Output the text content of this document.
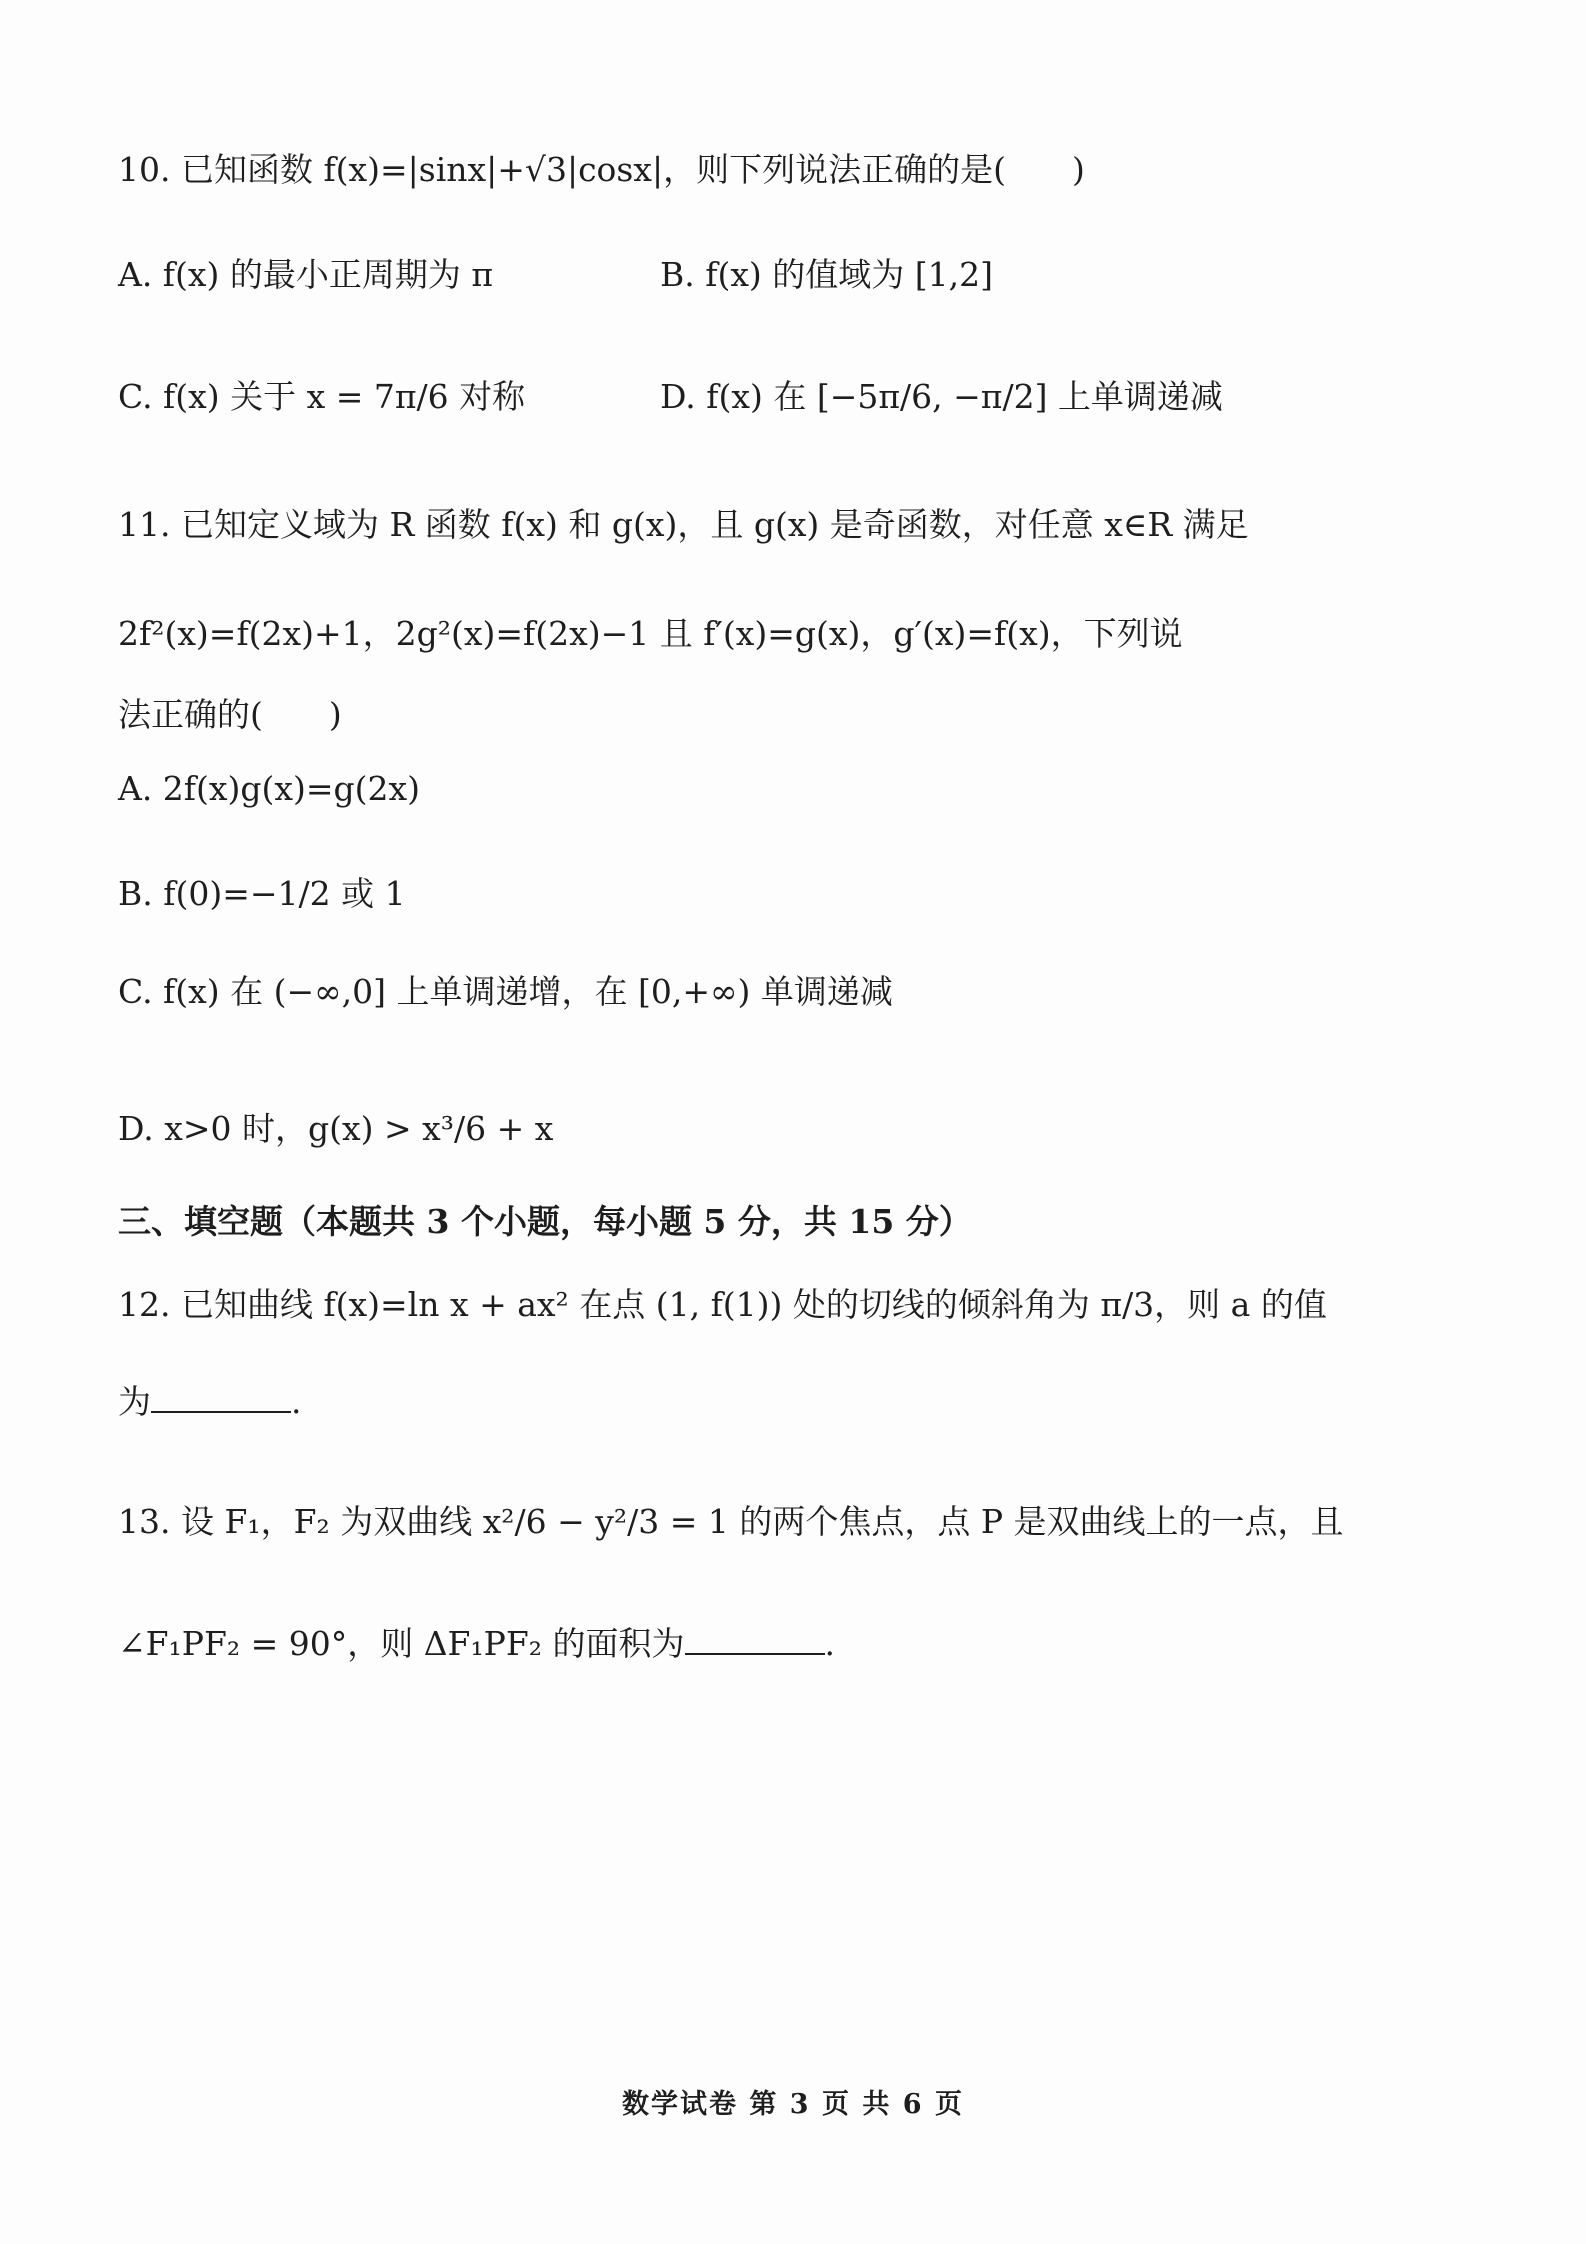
10. 已知函数 f(x)=|sinx|+√3|cosx|，则下列说法正确的是(　　)
A. f(x) 的最小正周期为 π	B. f(x) 的值域为 [1,2]
C. f(x) 关于 x = 7π/6 对称	D. f(x) 在 [−5π/6, −π/2] 上单调递减
11. 已知定义域为 R 函数 f(x) 和 g(x)，且 g(x) 是奇函数，对任意 x∈R 满足
2f²(x)=f(2x)+1，2g²(x)=f(2x)−1 且 f′(x)=g(x)，g′(x)=f(x)，下列说
法正确的(　　)
A. 2f(x)g(x)=g(2x)
B. f(0)=−1/2 或 1
C. f(x) 在 (−∞,0] 上单调递增，在 [0,+∞) 单调递减
D. x>0 时，g(x) > x³/6 + x
三、填空题（本题共 3 个小题，每小题 5 分，共 15 分）
12. 已知曲线 f(x)=ln x + ax² 在点 (1, f(1)) 处的切线的倾斜角为 π/3，则 a 的值
为	.
13. 设 F₁，F₂ 为双曲线 x²/6 − y²/3 = 1 的两个焦点，点 P 是双曲线上的一点，且
∠F₁PF₂ = 90°，则 ΔF₁PF₂ 的面积为	.
数学试卷 第 3 页 共 6 页
